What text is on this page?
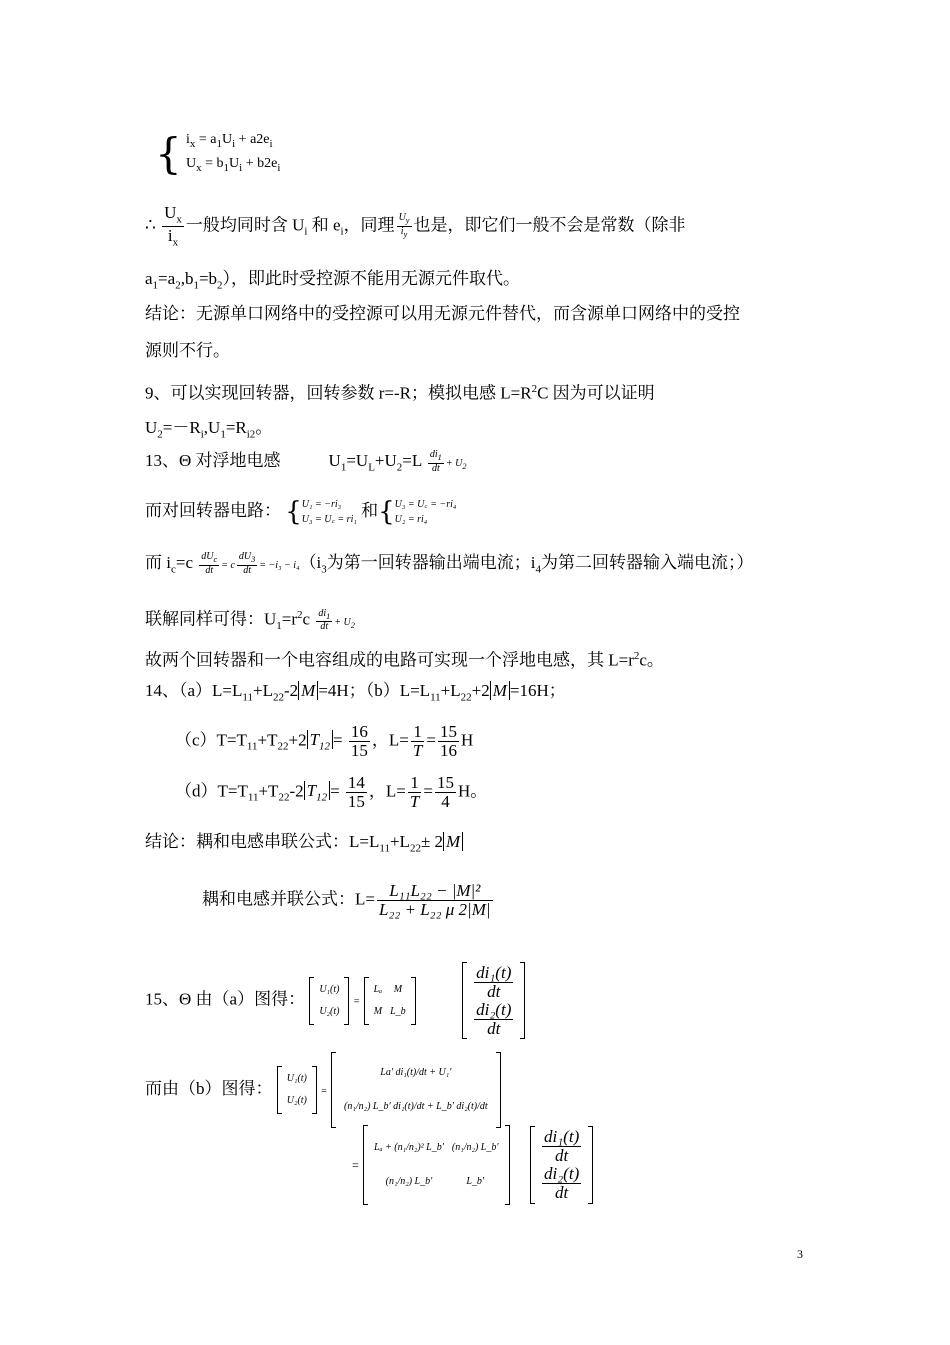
{ $i_x = a_1U_i + a2e_i$
$U_x = b_1U_i + b2e_i$
∴ $\frac{U_x}{i_x}$ 一般均同时含 $U_i$ 和 $e_i$，同理 $\frac{U_y}{i_y}$ 也是，即它们一般不会是常数（除非
$a_1=a_2,b_1=b_2$），即此时受控源不能用无源元件取代。
结论：无源单口网络中的受控源可以用无源元件替代，而含源单口网络中的受控
源则不行。
9、可以实现回转器，回转参数 r=-R；模拟电感 $L=R^2C$ 因为可以证明
$U_2=-R_i,U_1=R_{i2}$。
13、Θ 对浮地电感	$U_1=U_L+U_2=L \frac{di_1}{dt} + U_2$
而对回转器电路： { U₁ = −ri₃
U₃ = U꜀ = ri₁ 和{ U₃ = U꜀ = −ri₄
U₂ = ri₄
而 $i_c=c \frac{dU_c}{dt} = c \frac{dU_3}{dt} = -i_3 - i_4(i_3$为第一回转器输出端电流；$i_4$为第二回转器输入端电流；）
联解同样可得：$U_1=r^2c \frac{di_1}{dt} + U_2$
故两个回转器和一个电容组成的电路可实现一个浮地电感，其 $L=r^2c$。
14、$(a)L=L_{11}+L_{22}-2$ M =4H；$(b)L=L_{11}+L_{22}+2$ M =16H；
$(c)T=T_{11}+T_{22}+2$ $T_{12} = \frac{16}{15}$ ，$L= \frac{1}{T} = \frac{15}{16}$ H
$(d)T=T_{11}+T_{22}-2$ $T_{12} = \frac{14}{15}$ ，$L= \frac{1}{T} = \frac{15}{4}$ H。
结论：耦和电感串联公式：$L=L_{11}+L_{22}\pm 2$ M
耦和电感并联公式：$L= \frac{\text{L₁₁L₂₂ − |M|²}}{\text{L₂₂ + L₂₂ μ 2|M|}}$
15、Θ 由（a）图得：
U₁(t)
U₂(t)
=
Lₐ	M
M	L_b

$\frac{\text{di₁(t)}}{dt}$

$\frac{\text{di₂(t)}}{dt}$
而由（b）图得：
U₁(t)
U₂(t)
=
La′ di₁(t)/dt + U₁′
(n₁/n₂) L_b′ di₁(t)/dt + L_b′ di₂(t)/dt
=
Lₐ + (n₁/n₂)² L_b′	(n₁/n₂) L_b′
(n₁/n₂) L_b′	L_b′

$\frac{\text{di₁(t)}}{dt}$

$\frac{\text{di₂(t)}}{dt}$
3
